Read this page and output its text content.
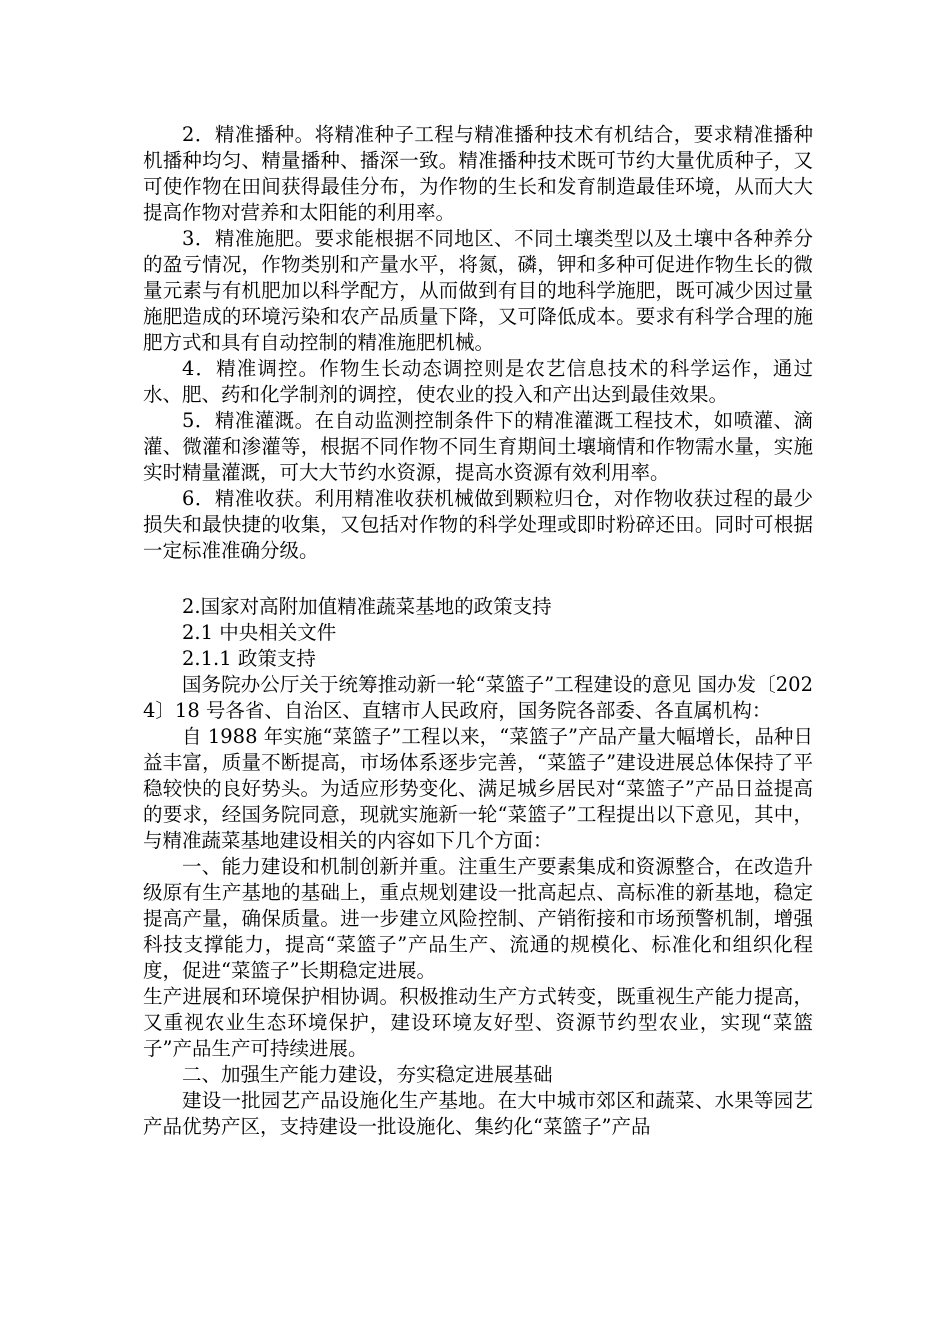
2．精准播种。将精准种子工程与精准播种技术有机结合，要求精准播种机播种均匀、精量播种、播深一致。精准播种技术既可节约大量优质种子，又可使作物在田间获得最佳分布，为作物的生长和发育制造最佳环境，从而大大提高作物对营养和太阳能的利用率。

3．精准施肥。要求能根据不同地区、不同土壤类型以及土壤中各种养分的盈亏情况，作物类别和产量水平，将氮，磷，钾和多种可促进作物生长的微量元素与有机肥加以科学配方，从而做到有目的地科学施肥，既可减少因过量施肥造成的环境污染和农产品质量下降，又可降低成本。要求有科学合理的施肥方式和具有自动控制的精准施肥机械。

4．精准调控。作物生长动态调控则是农艺信息技术的科学运作，通过水、肥、药和化学制剂的调控，使农业的投入和产出达到最佳效果。

5．精准灌溉。在自动监测控制条件下的精准灌溉工程技术，如喷灌、滴灌、微灌和渗灌等，根据不同作物不同生育期间土壤墒情和作物需水量，实施实时精量灌溉，可大大节约水资源，提高水资源有效利用率。

6．精准收获。利用精准收获机械做到颗粒归仓，对作物收获过程的最少损失和最快捷的收集，又包括对作物的科学处理或即时粉碎还田。同时可根据一定标准准确分级。

2.国家对高附加值精准蔬菜基地的政策支持

2.1 中央相关文件

2.1.1 政策支持

国务院办公厅关于统筹推动新一轮“菜篮子”工程建设的意见 国办发〔2024〕18 号各省、自治区、直辖市人民政府，国务院各部委、各直属机构：

自 1988 年实施“菜篮子”工程以来，“菜篮子”产品产量大幅增长，品种日益丰富，质量不断提高，市场体系逐步完善，“菜篮子”建设进展总体保持了平稳较快的良好势头。为适应形势变化、满足城乡居民对“菜篮子”产品日益提高的要求，经国务院同意，现就实施新一轮“菜篮子”工程提出以下意见，其中，与精准蔬菜基地建设相关的内容如下几个方面：

一、能力建设和机制创新并重。注重生产要素集成和资源整合，在改造升级原有生产基地的基础上，重点规划建设一批高起点、高标准的新基地，稳定提高产量，确保质量。进一步建立风险控制、产销衔接和市场预警机制，增强科技支撑能力，提高“菜篮子”产品生产、流通的规模化、标准化和组织化程度，促进“菜篮子”长期稳定进展。

生产进展和环境保护相协调。积极推动生产方式转变，既重视生产能力提高，又重视农业生态环境保护，建设环境友好型、资源节约型农业，实现“菜篮子”产品生产可持续进展。

二、加强生产能力建设，夯实稳定进展基础

建设一批园艺产品设施化生产基地。在大中城市郊区和蔬菜、水果等园艺产品优势产区，支持建设一批设施化、集约化“菜篮子”产品
